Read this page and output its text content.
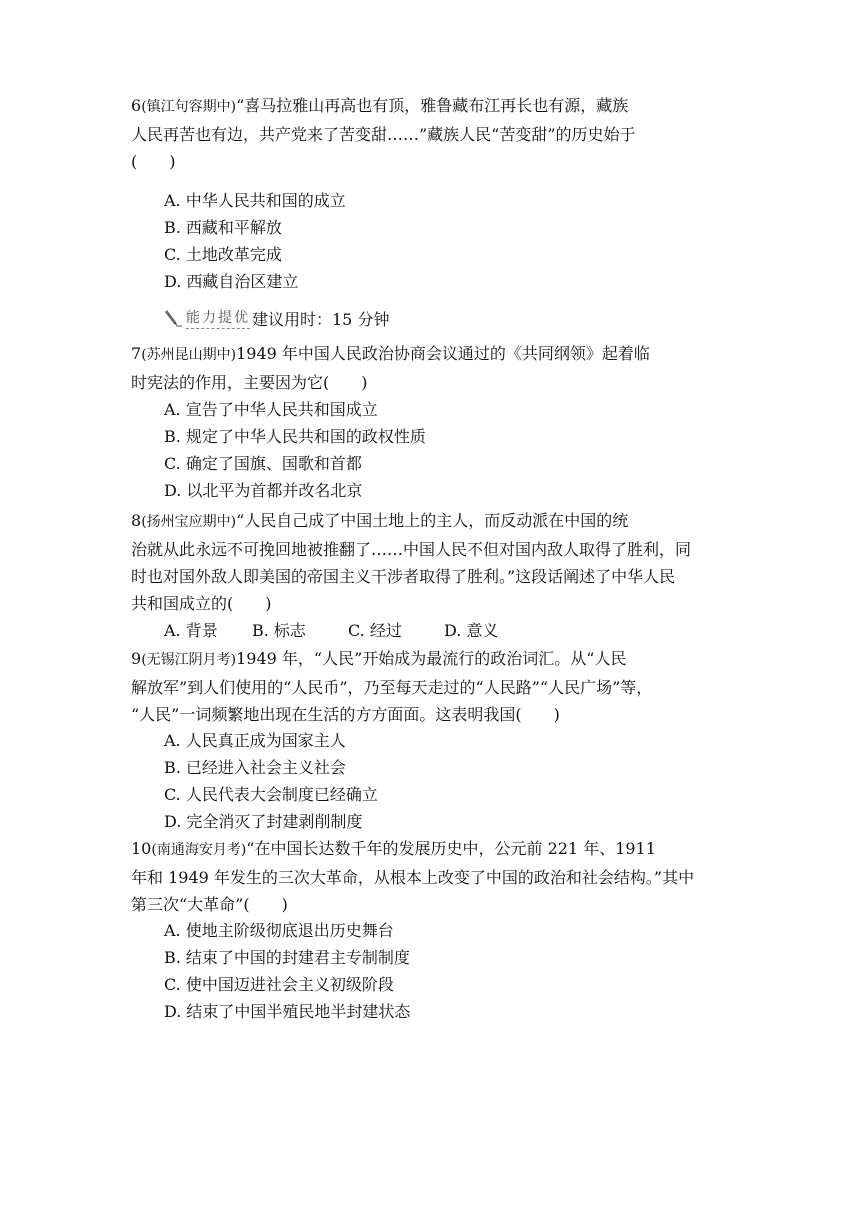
6(镇江句容期中)“喜马拉雅山再高也有顶，雅鲁藏布江再长也有源，藏族
人民再苦也有边，共产党来了苦变甜……”藏族人民“苦变甜”的历史始于
(　　)
A. 中华人民共和国的成立
B. 西藏和平解放
C. 土地改革完成
D. 西藏自治区建立
能力提优 建议用时：15 分钟
7(苏州昆山期中)1949 年中国人民政治协商会议通过的《共同纲领》起着临
时宪法的作用，主要因为它(　　)
A. 宣告了中华人民共和国成立
B. 规定了中华人民共和国的政权性质
C. 确定了国旗、国歌和首都
D. 以北平为首都并改名北京
8(扬州宝应期中)“人民自己成了中国土地上的主人，而反动派在中国的统
治就从此永远不可挽回地被推翻了……中国人民不但对国内敌人取得了胜利，同
时也对国外敌人即美国的帝国主义干涉者取得了胜利。”这段话阐述了中华人民
共和国成立的(　　)
A. 背景 B. 标志	C. 经过	D. 意义
9(无锡江阴月考)1949 年，“人民”开始成为最流行的政治词汇。从“人民
解放军”到人们使用的“人民币”，乃至每天走过的“人民路”“人民广场”等，
“人民”一词频繁地出现在生活的方方面面。这表明我国(　　)
A. 人民真正成为国家主人
B. 已经进入社会主义社会
C. 人民代表大会制度已经确立
D. 完全消灭了封建剥削制度
10(南通海安月考)“在中国长达数千年的发展历史中，公元前 221 年、1911
年和 1949 年发生的三次大革命，从根本上改变了中国的政治和社会结构。”其中
第三次“大革命”(　　)
A. 使地主阶级彻底退出历史舞台
B. 结束了中国的封建君主专制制度
C. 使中国迈进社会主义初级阶段
D. 结束了中国半殖民地半封建状态
